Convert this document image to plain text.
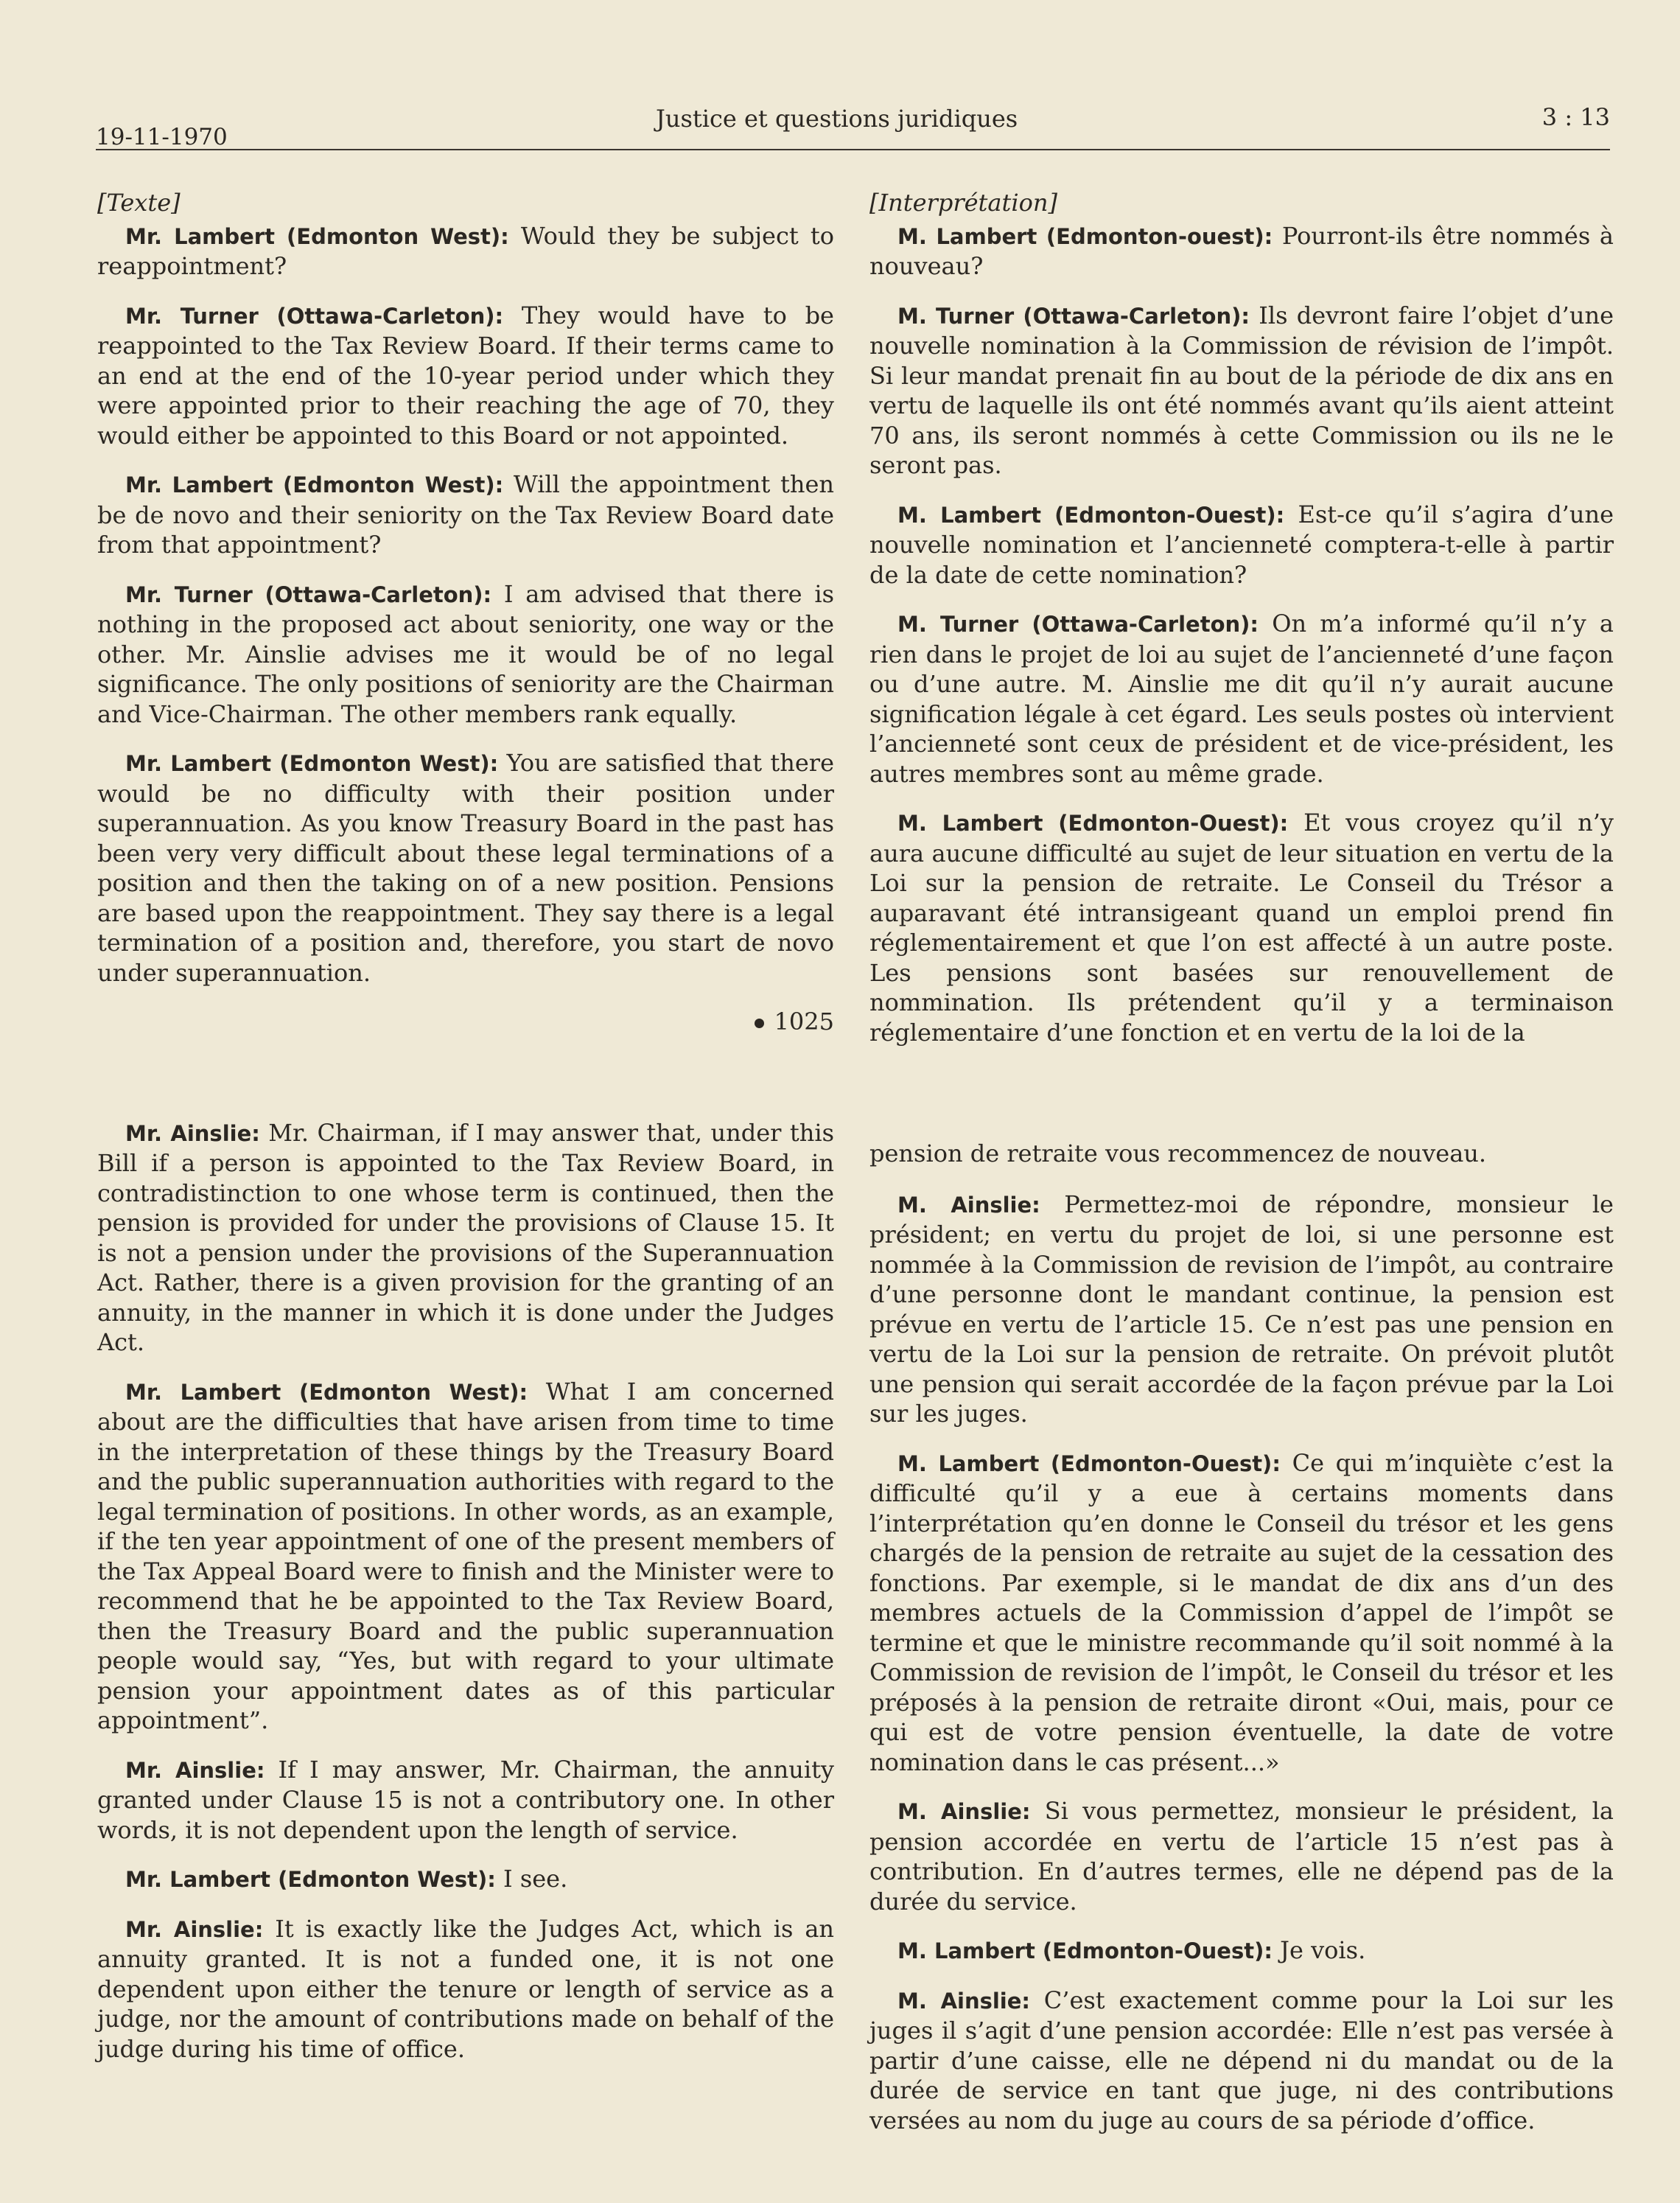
19-11-1970
Justice et questions juridiques	3 : 13
[Texte]

Mr. Lambert (Edmonton West): Would they be subject to reappointment?

Mr. Turner (Ottawa-Carleton): They would have to be reappointed to the Tax Review Board. If their terms came to an end at the end of the 10-year period under which they were appointed prior to their reaching the age of 70, they would either be appointed to this Board or not appointed.

Mr. Lambert (Edmonton West): Will the appointment then be de novo and their seniority on the Tax Review Board date from that appointment?

Mr. Turner (Ottawa-Carleton): I am advised that there is nothing in the proposed act about seniority, one way or the other. Mr. Ainslie advises me it would be of no legal significance. The only positions of seniority are the Chairman and Vice-Chairman. The other members rank equally.

Mr. Lambert (Edmonton West): You are satisfied that there would be no difficulty with their position under superannuation. As you know Treasury Board in the past has been very very difficult about these legal terminations of a position and then the taking on of a new position. Pensions are based upon the reappointment. They say there is a legal termination of a position and, therefore, you start de novo under superannuation.

1025

Mr. Ainslie: Mr. Chairman, if I may answer that, under this Bill if a person is appointed to the Tax Review Board, in contradistinction to one whose term is continued, then the pension is provided for under the provisions of Clause 15. It is not a pension under the provisions of the Superannuation Act. Rather, there is a given provision for the granting of an annuity, in the manner in which it is done under the Judges Act.

Mr. Lambert (Edmonton West): What I am concerned about are the difficulties that have arisen from time to time in the interpretation of these things by the Treasury Board and the public superannuation authorities with regard to the legal termination of positions. In other words, as an example, if the ten year appointment of one of the present members of the Tax Appeal Board were to finish and the Minister were to recommend that he be appointed to the Tax Review Board, then the Treasury Board and the public superannuation people would say, “Yes, but with regard to your ultimate pension your appointment dates as of this particular appointment”.

Mr. Ainslie: If I may answer, Mr. Chairman, the annuity granted under Clause 15 is not a contributory one. In other words, it is not dependent upon the length of service.

Mr. Lambert (Edmonton West): I see.

Mr. Ainslie: It is exactly like the Judges Act, which is an annuity granted. It is not a funded one, it is not one dependent upon either the tenure or length of service as a judge, nor the amount of contributions made on behalf of the judge during his time of office.

[Interprétation]

M. Lambert (Edmonton-ouest): Pourront-ils être nommés à nouveau?

M. Turner (Ottawa-Carleton): Ils devront faire l’objet d’une nouvelle nomination à la Commission de révision de l’impôt. Si leur mandat prenait fin au bout de la période de dix ans en vertu de laquelle ils ont été nommés avant qu’ils aient atteint 70 ans, ils seront nommés à cette Commission ou ils ne le seront pas.

M. Lambert (Edmonton-Ouest): Est-ce qu’il s’agira d’une nouvelle nomination et l’ancienneté comptera-t-elle à partir de la date de cette nomination?

M. Turner (Ottawa-Carleton): On m’a informé qu’il n’y a rien dans le projet de loi au sujet de l’ancienneté d’une façon ou d’une autre. M. Ainslie me dit qu’il n’y aurait aucune signification légale à cet égard. Les seuls postes où intervient l’ancienneté sont ceux de président et de vice-président, les autres membres sont au même grade.

M. Lambert (Edmonton-Ouest): Et vous croyez qu’il n’y aura aucune difficulté au sujet de leur situation en vertu de la Loi sur la pension de retraite. Le Conseil du Trésor a auparavant été intransigeant quand un emploi prend fin réglementairement et que l’on est affecté à un autre poste. Les pensions sont basées sur renouvellement de nommination. Ils prétendent qu’il y a terminaison réglementaire d’une fonction et en vertu de la loi de la

pension de retraite vous recommencez de nouveau.

M. Ainslie: Permettez-moi de répondre, monsieur le président; en vertu du projet de loi, si une personne est nommée à la Commission de revision de l’impôt, au contraire d’une personne dont le mandant continue, la pension est prévue en vertu de l’article 15. Ce n’est pas une pension en vertu de la Loi sur la pension de retraite. On prévoit plutôt une pension qui serait accordée de la façon prévue par la Loi sur les juges.

M. Lambert (Edmonton-Ouest): Ce qui m’inquiète c’est la difficulté qu’il y a eue à certains moments dans l’interprétation qu’en donne le Conseil du trésor et les gens chargés de la pension de retraite au sujet de la cessation des fonctions. Par exemple, si le mandat de dix ans d’un des membres actuels de la Commission d’appel de l’impôt se termine et que le ministre recommande qu’il soit nommé à la Commission de revision de l’impôt, le Conseil du trésor et les préposés à la pension de retraite diront «Oui, mais, pour ce qui est de votre pension éventuelle, la date de votre nomination dans le cas présent...»

M. Ainslie: Si vous permettez, monsieur le président, la pension accordée en vertu de l’article 15 n’est pas à contribution. En d’autres termes, elle ne dépend pas de la durée du service.

M. Lambert (Edmonton-Ouest): Je vois.

M. Ainslie: C’est exactement comme pour la Loi sur les juges il s’agit d’une pension accordée: Elle n’est pas versée à partir d’une caisse, elle ne dépend ni du mandat ou de la durée de service en tant que juge, ni des contributions versées au nom du juge au cours de sa période d’office.
